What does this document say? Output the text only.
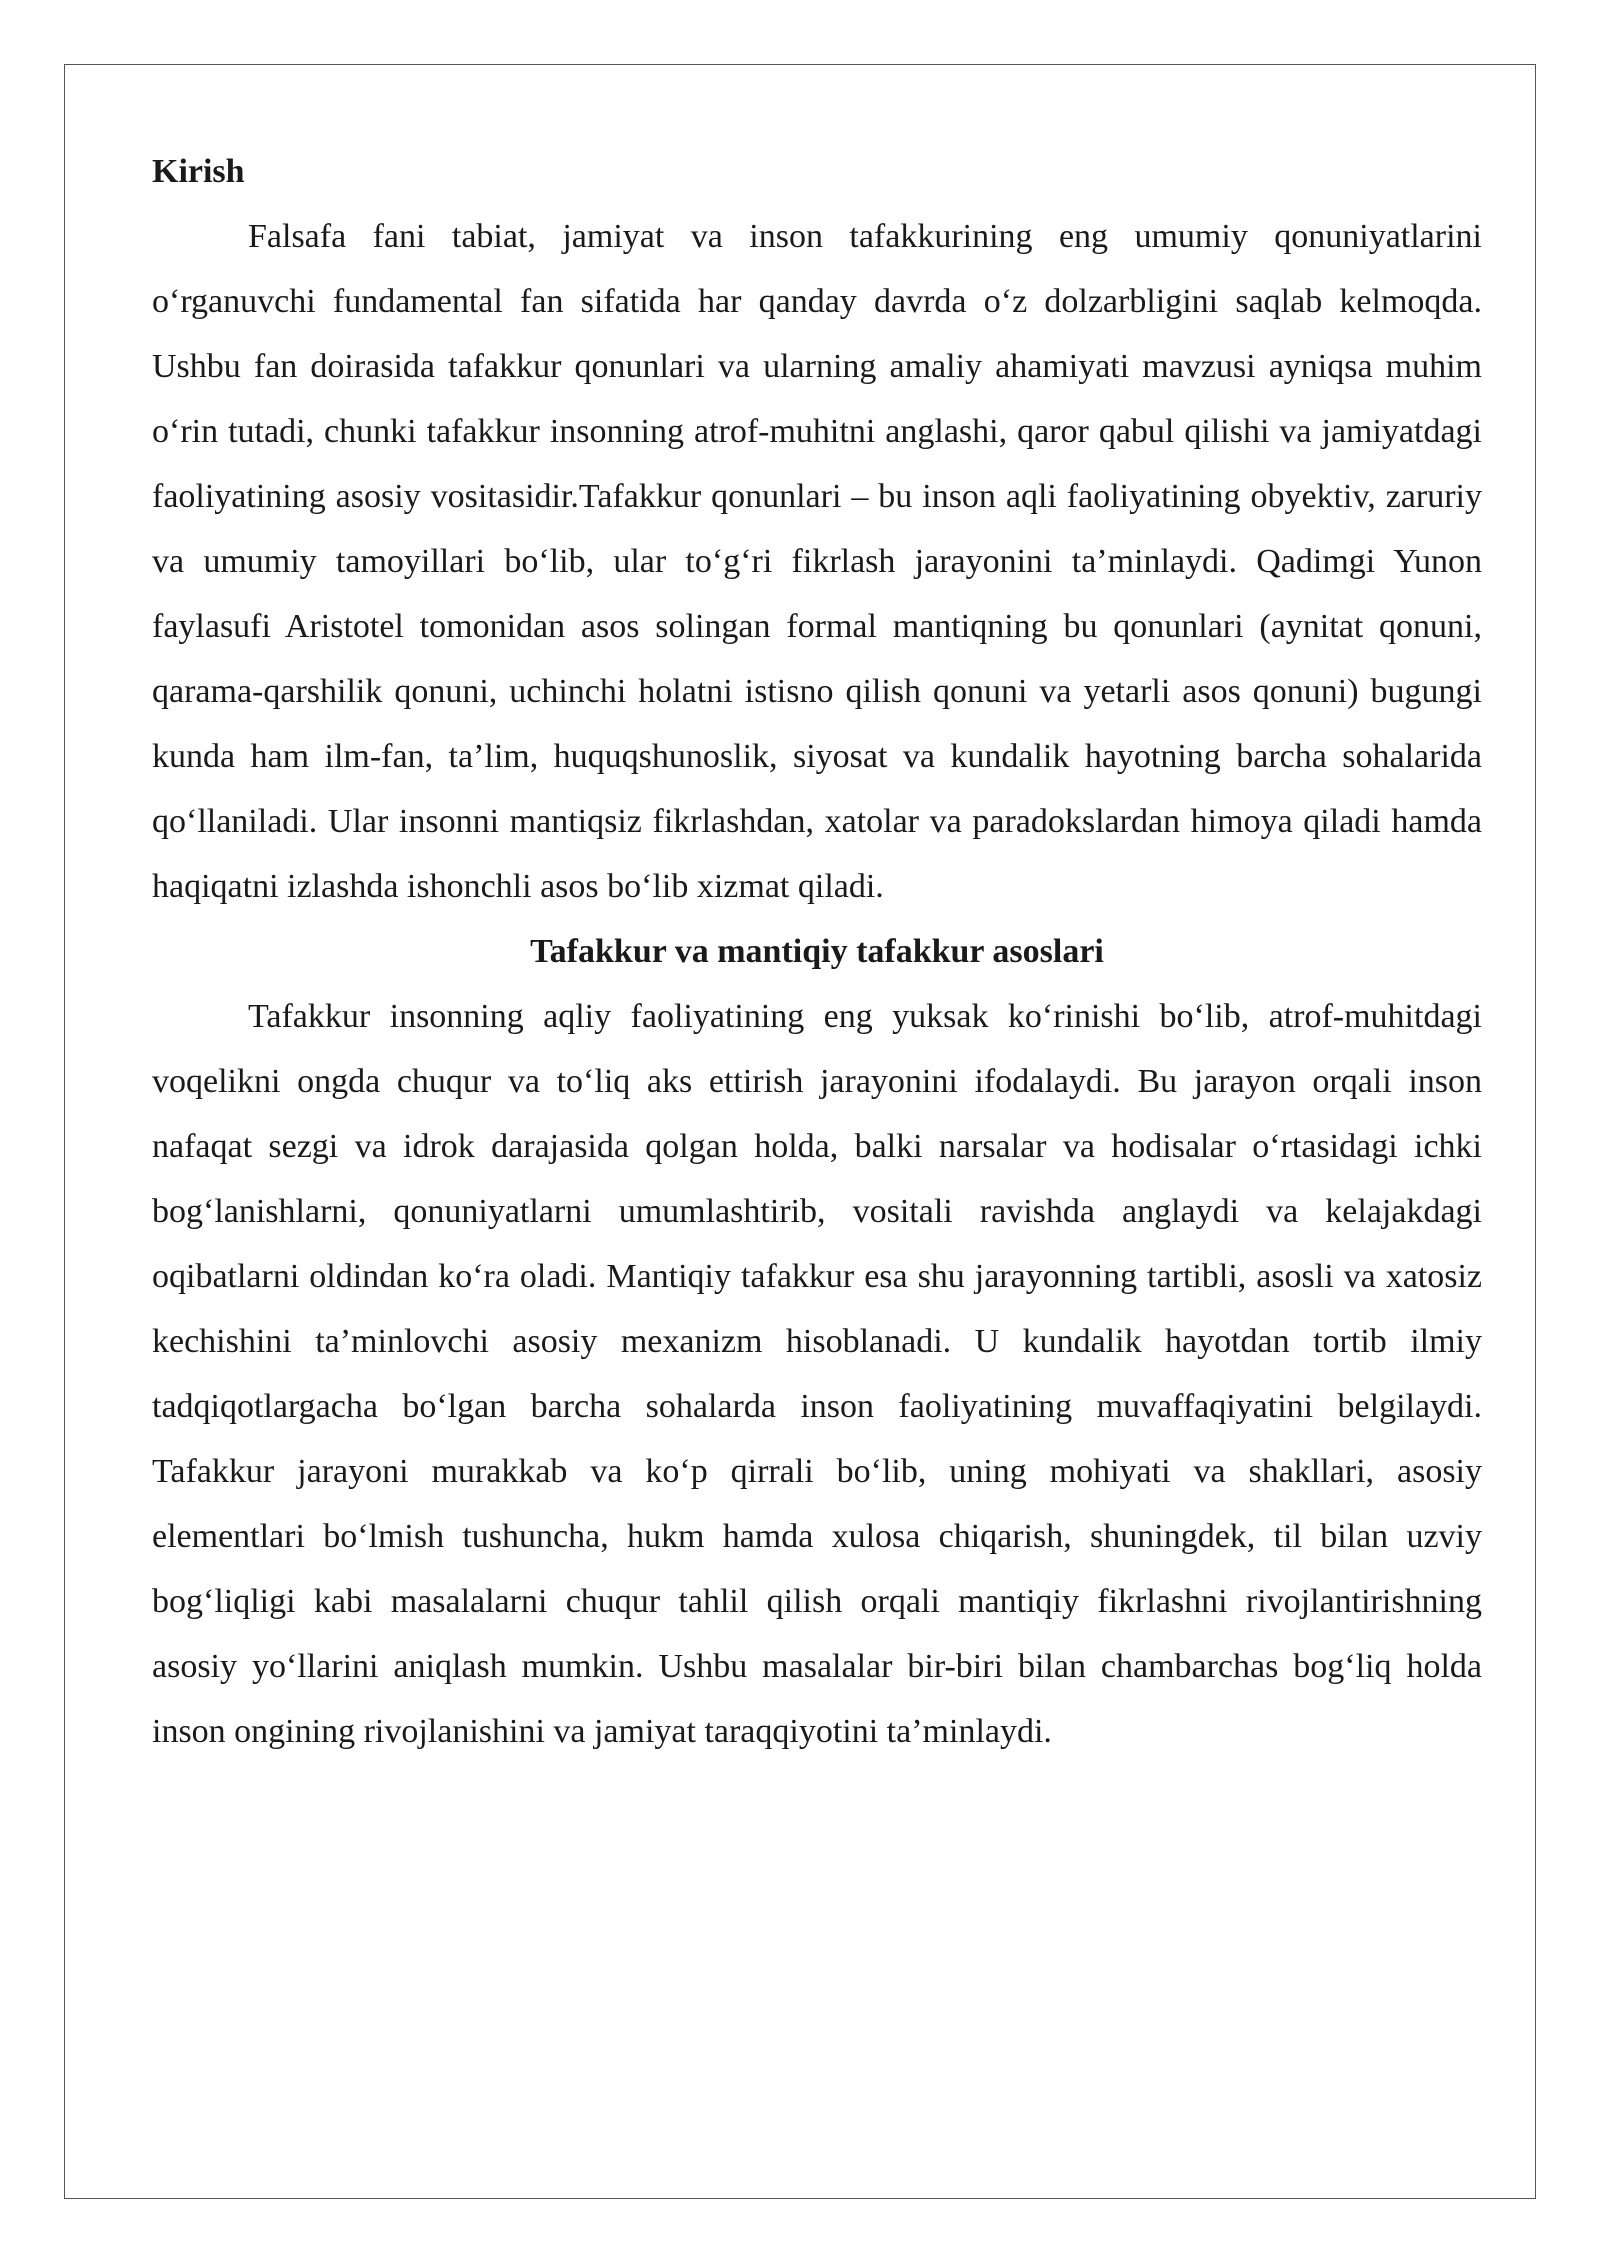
Kirish

Falsafa fani tabiat, jamiyat va inson tafakkurining eng umumiy qonuniyatlarini o‘rganuvchi fundamental fan sifatida har qanday davrda o‘z dolzarbligini saqlab kelmoqda. Ushbu fan doirasida tafakkur qonunlari va ularning amaliy ahamiyati mavzusi ayniqsa muhim o‘rin tutadi, chunki tafakkur insonning atrof-muhitni anglashi, qaror qabul qilishi va jamiyatdagi faoliyatining asosiy vositasidir.Tafakkur qonunlari – bu inson aqli faoliyatining obyektiv, zaruriy va umumiy tamoyillari bo‘lib, ular to‘g‘ri fikrlash jarayonini ta’minlaydi. Qadimgi Yunon faylasufi Aristotel tomonidan asos solingan formal mantiqning bu qonunlari (aynitat qonuni, qarama-qarshilik qonuni, uchinchi holatni istisno qilish qonuni va yetarli asos qonuni) bugungi kunda ham ilm-fan, ta’lim, huquqshunoslik, siyosat va kundalik hayotning barcha sohalarida qo‘llaniladi. Ular insonni mantiqsiz fikrlashdan, xatolar va paradokslardan himoya qiladi hamda haqiqatni izlashda ishonchli asos bo‘lib xizmat qiladi.

Tafakkur va mantiqiy tafakkur asoslari

Tafakkur insonning aqliy faoliyatining eng yuksak ko‘rinishi bo‘lib, atrof-muhitdagi voqelikni ongda chuqur va to‘liq aks ettirish jarayonini ifodalaydi. Bu jarayon orqali inson nafaqat sezgi va idrok darajasida qolgan holda, balki narsalar va hodisalar o‘rtasidagi ichki bog‘lanishlarni, qonuniyatlarni umumlashtirib, vositali ravishda anglaydi va kelajakdagi oqibatlarni oldindan ko‘ra oladi. Mantiqiy tafakkur esa shu jarayonning tartibli, asosli va xatosiz kechishini ta’minlovchi asosiy mexanizm hisoblanadi. U kundalik hayotdan tortib ilmiy tadqiqotlargacha bo‘lgan barcha sohalarda inson faoliyatining muvaffaqiyatini belgilaydi. Tafakkur jarayoni murakkab va ko‘p qirrali bo‘lib, uning mohiyati va shakllari, asosiy elementlari bo‘lmish tushuncha, hukm hamda xulosa chiqarish, shuningdek, til bilan uzviy bog‘liqligi kabi masalalarni chuqur tahlil qilish orqali mantiqiy fikrlashni rivojlantirishning asosiy yo‘llarini aniqlash mumkin. Ushbu masalalar bir-biri bilan chambarchas bog‘liq holda inson ongining rivojlanishini va jamiyat taraqqiyotini ta’minlaydi.
